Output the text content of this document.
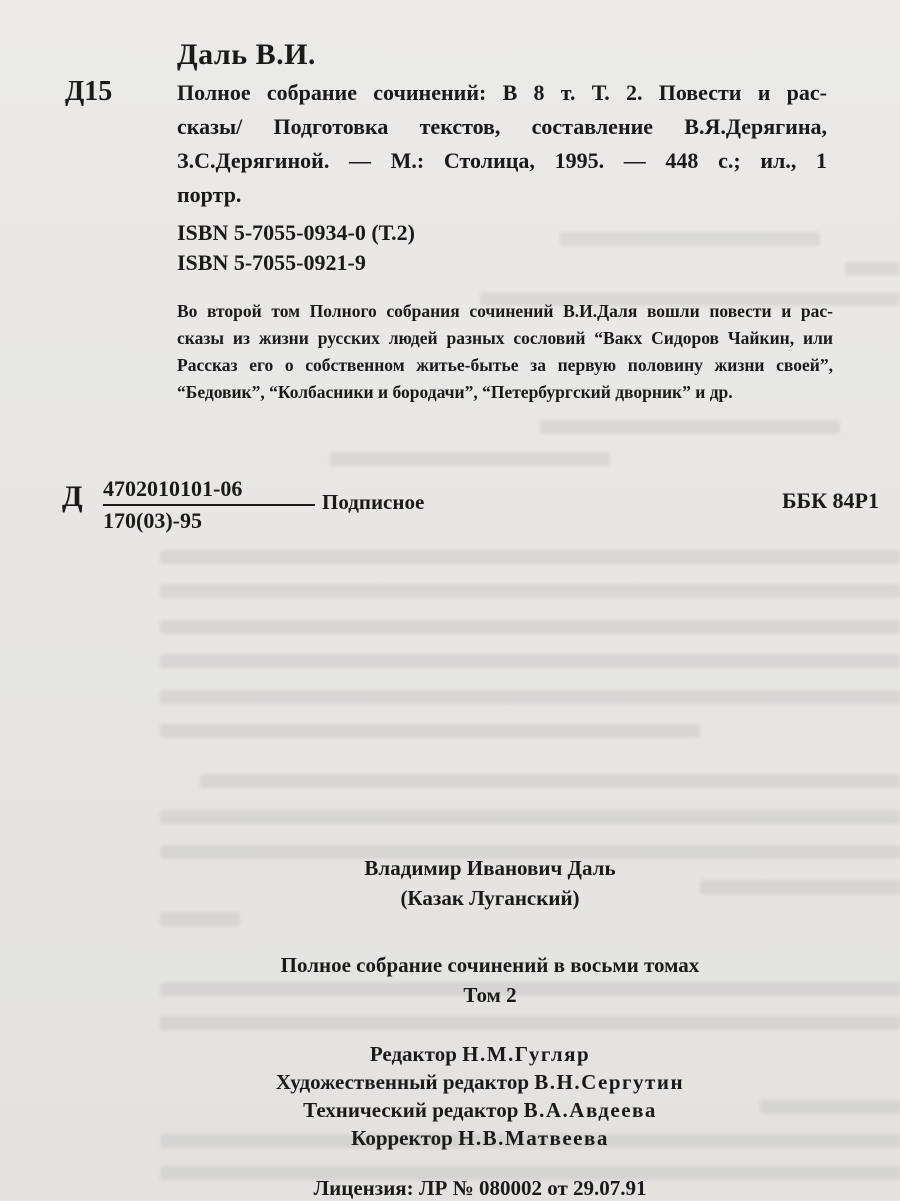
Даль В.И.
Д15	Полное собрание сочинений: В 8 т. Т. 2. Повести и рас-
сказы/ Подготовка текстов, составление В.Я.Дерягина,
З.С.Дерягиной. — М.: Столица, 1995. — 448 с.; ил., 1
портр.
ISBN 5-7055-0934-0 (Т.2)
ISBN 5-7055-0921-9
Во второй том Полного собрания сочинений В.И.Даля вошли повести и рас-
сказы из жизни русских людей разных сословий “Вакх Сидоров Чайкин, или
Рассказ его о собственном житье-бытье за первую половину жизни своей”,
“Бедовик”, “Колбасники и бородачи”, “Петербургский дворник” и др.
Д 4702010101-06
170(03)-95
Подписное	ББК 84Р1
Владимир Иванович Даль
(Казак Луганский)
Полное собрание сочинений в восьми томах
Том 2
Редактор Н.М.Гугляр
Художественный редактор В.Н.Сергутин
Технический редактор В.А.Авдеева
Корректор Н.В.Матвеева
Лицензия: ЛР № 080002 от 29.07.91
